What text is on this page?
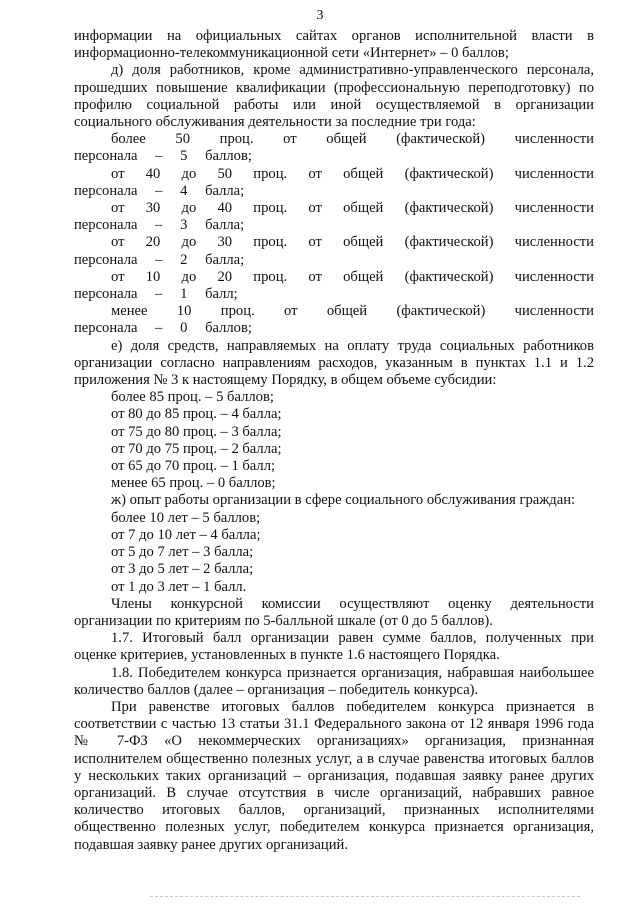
3

информации на официальных сайтах органов исполнительной власти в информационно-телекоммуникационной сети «Интернет» – 0 баллов;

д) доля работников, кроме административно-управленческого персонала, прошедших повышение квалификации (профессиональную переподготовку) по профилю социальной работы или иной осуществляемой в организации социального обслуживания деятельности за последние три года:

более 50 проц. от общей (фактической) численности персонала – 5 баллов;

от 40 до 50 проц. от общей (фактической) численности персонала – 4 балла;

от 30 до 40 проц. от общей (фактической) численности персонала – 3 балла;

от 20 до 30 проц. от общей (фактической) численности персонала – 2 балла;

от 10 до 20 проц. от общей (фактической) численности персонала – 1 балл;

менее 10 проц. от общей (фактической) численности персонала – 0 баллов;

е) доля средств, направляемых на оплату труда социальных работников организации согласно направлениям расходов, указанным в пунктах 1.1 и 1.2 приложения № 3 к настоящему Порядку, в общем объеме субсидии:

более 85 проц. – 5 баллов;

от 80 до 85 проц. – 4 балла;

от 75 до 80 проц. – 3 балла;

от 70 до 75 проц. – 2 балла;

от 65 до 70 проц. – 1 балл;

менее 65 проц. – 0 баллов;

ж) опыт работы организации в сфере социального обслуживания граждан:

более 10 лет – 5 баллов;

от 7 до 10 лет – 4 балла;

от 5 до 7 лет – 3 балла;

от 3 до 5 лет – 2 балла;

от 1 до 3 лет – 1 балл.

Члены конкурсной комиссии осуществляют оценку деятельности организации по критериям по 5-балльной шкале (от 0 до 5 баллов).

1.7. Итоговый балл организации равен сумме баллов, полученных при оценке критериев, установленных в пункте 1.6 настоящего Порядка.

1.8. Победителем конкурса признается организация, набравшая наибольшее количество баллов (далее – организация – победитель конкурса).

При равенстве итоговых баллов победителем конкурса признается в соответствии с частью 13 статьи 31.1 Федерального закона от 12 января 1996 года № 7-ФЗ «О некоммерческих организациях» организация, признанная исполнителем общественно полезных услуг, а в случае равенства итоговых баллов у нескольких таких организаций – организация, подавшая заявку ранее других организаций. В случае отсутствия в числе организаций, набравших равное количество итоговых баллов, организаций, признанных исполнителями общественно полезных услуг, победителем конкурса признается организация, подавшая заявку ранее других организаций.
